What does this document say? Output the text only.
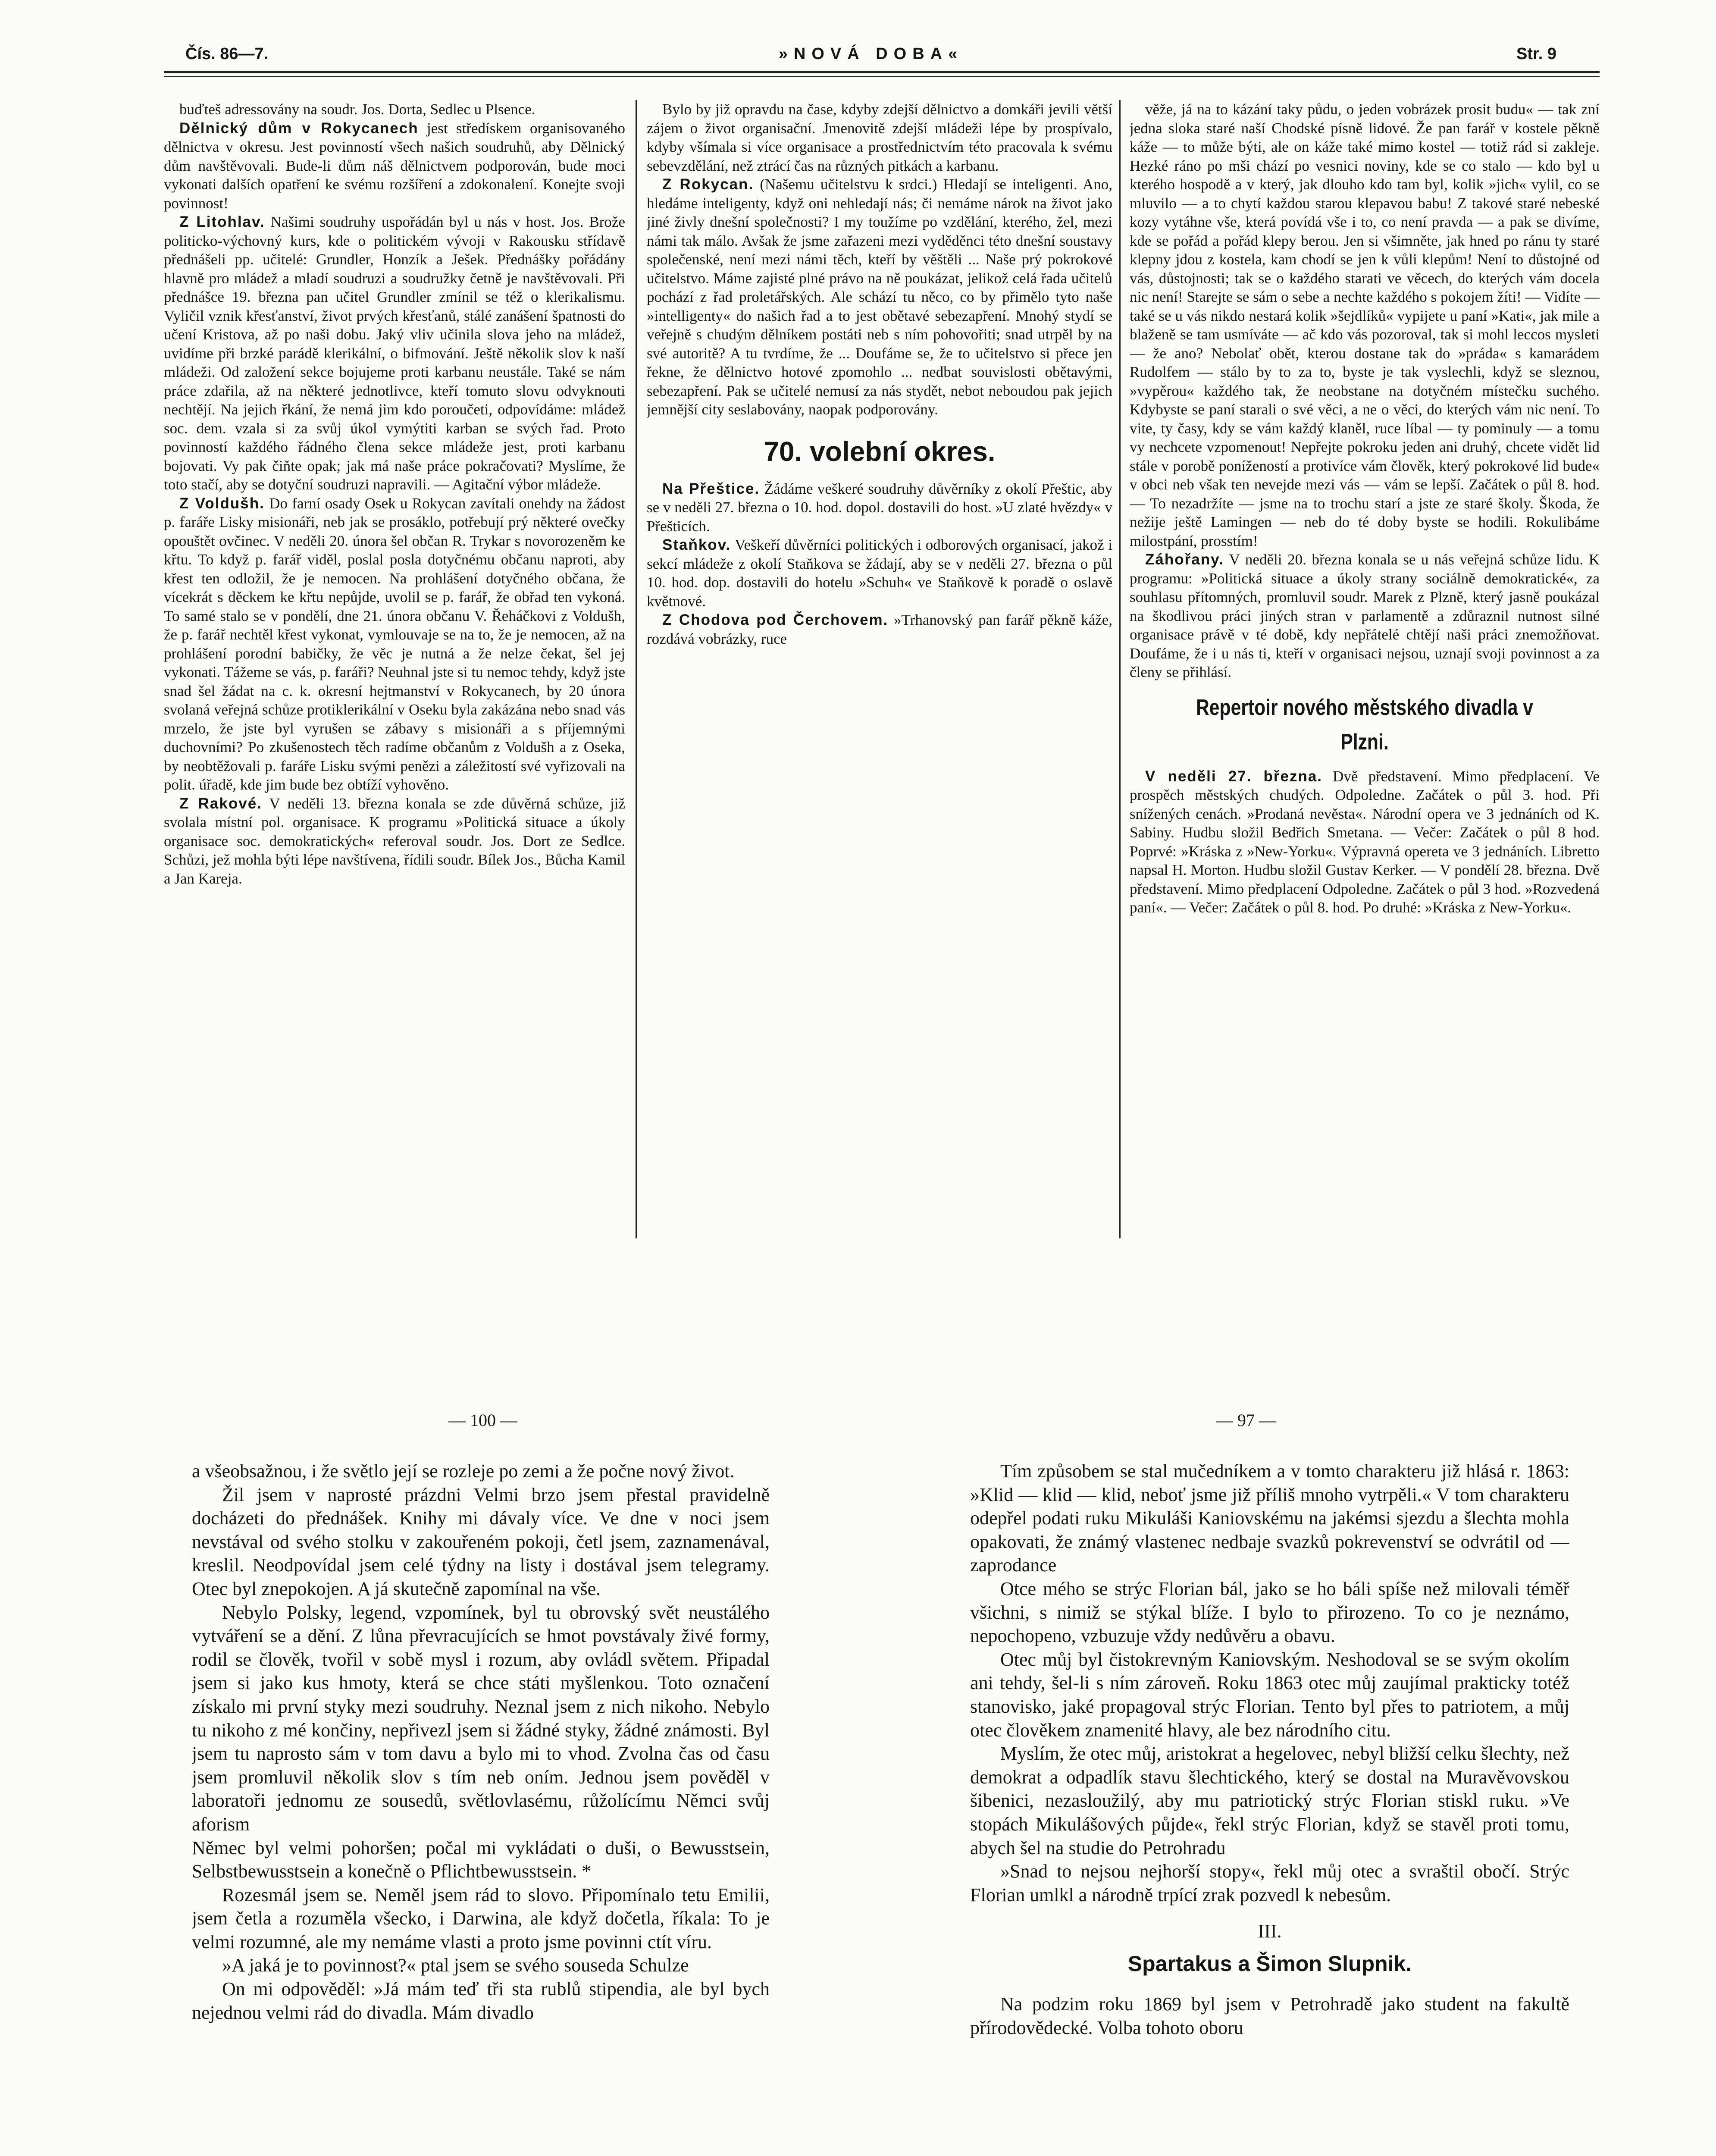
Čís. 86—7.	»NOVÁ DOBA«	Str. 9

buďteš adressovány na soudr. Jos. Dorta, Sedlec u Plsence.

Dělnický dům v Rokycanech jest středískem organisovaného dělnictva v okresu. Jest povinností všech našich soudruhů, aby Dělnický dům navštěvovali. Bude-li dům náš dělnictvem podporován, bude moci vykonati dalších opatření ke svému rozšíření a zdokonalení. Konejte svoji povinnost!

Z Litohlav. Našimi soudruhy uspořádán byl u nás v host. Jos. Brože politicko-výchovný kurs, kde o politickém vývoji v Rakousku střídavě přednášeli pp. učitelé: Grundler, Honzík a Ješek. Přednášky pořádány hlavně pro mládež a mladí soudruzi a soudružky četně je navštěvovali. Při přednášce 19. března pan učitel Grundler zmínil se též o klerikalismu. Vyličil vznik křesťanství, život prvých křesťanů, stálé zanášení špatnosti do učení Kristova, až po naši dobu. Jaký vliv učinila slova jeho na mládež, uvidíme při brzké parádě klerikální, o bifmování. Ještě několik slov k naší mládeži. Od založení sekce bojujeme proti karbanu neustále. Také se nám práce zdařila, až na některé jednotlivce, kteří tomuto slovu odvyknouti nechtějí. Na jejich řkání, že nemá jim kdo poroučeti, odpovídáme: mládež soc. dem. vzala si za svůj úkol vymýtiti karban se svých řad. Proto povinností každého řádného člena sekce mládeže jest, proti karbanu bojovati. Vy pak čiňte opak; jak má naše práce pokračovati? Myslíme, že toto stačí, aby se dotyční soudruzi napravili. — Agitační výbor mládeže.

Z Voldušh. Do farní osady Osek u Rokycan zavítali onehdy na žádost p. faráře Lisky misionáři, neb jak se prosáklo, potřebují prý některé ovečky opouštět ovčinec. V neděli 20. února šel občan R. Trykar s novorozeněm ke křtu. To když p. farář viděl, poslal posla dotyčnému občanu naproti, aby křest ten odložil, že je nemocen. Na prohlášení dotyčného občana, že vícekrát s děckem ke křtu nepůjde, uvolil se p. farář, že obřad ten vykoná. To samé stalo se v pondělí, dne 21. února občanu V. Řeháčkovi z Voldušh, že p. farář nechtěl křest vykonat, vymlouvaje se na to, že je nemocen, až na prohlášení porodní babičky, že věc je nutná a že nelze čekat, šel jej vykonati. Tážeme se vás, p. faráři? Neuhnal jste si tu nemoc tehdy, když jste snad šel žádat na c. k. okresní hejtmanství v Rokycanech, by 20 února svolaná veřejná schůze protiklerikální v Oseku byla zakázána nebo snad vás mrzelo, že jste byl vyrušen se zábavy s misionáři a s příjemnými duchovními? Po zkušenostech těch radíme občanům z Voldušh a z Oseka, by neobtěžovali p. faráře Lisku svými penězi a záležitostí své vyřizovali na polit. úřadě, kde jim bude bez obtíží vyhověno.

Z Rakové. V neděli 13. března konala se zde důvěrná schůze, již svolala místní pol. organisace. K programu »Politická situace a úkoly organisace soc. demokratických« referoval soudr. Jos. Dort ze Sedlce. Schůzi, jež mohla býti lépe navštívena, řídili soudr. Bílek Jos., Bůcha Kamil a Jan Kareja.

Bylo by již opravdu na čase, kdyby zdejší dělnictvo a domkáři jevili větší zájem o život organisační. Jmenovitě zdejší mládeži lépe by prospívalo, kdyby všímala si více organisace a prostřednictvím této pracovala k svému sebevzdělání, než ztrácí čas na různých pitkách a karbanu.

Z Rokycan. (Našemu učitelstvu k srdci.) Hledají se inteligenti. Ano, hledáme inteligenty, když oni nehledají nás; či nemáme nárok na život jako jiné živly dnešní společnosti? I my toužíme po vzdělání, kterého, žel, mezi námi tak málo. Avšak že jsme zařazeni mezi vyděděnci této dnešní soustavy společenské, není mezi námi těch, kteří by věštěli ... Naše prý pokrokové učitelstvo. Máme zajisté plné právo na ně poukázat, jelikož celá řada učitelů pochází z řad proletářských. Ale schází tu něco, co by přimělo tyto naše »intelligenty« do našich řad a to jest obětavé sebezapření. Mnohý stydí se veřejně s chudým dělníkem postáti neb s ním pohovořiti; snad utrpěl by na své autoritě? A tu tvrdíme, že ... Doufáme se, že to učitelstvo si přece jen řekne, že dělnictvo hotové zpomohlo ... nedbat souvislosti obětavými, sebezapření. Pak se učitelé nemusí za nás stydět, nebot neboudou pak jejich jemnější city seslabovány, naopak podporovány.

70. volební okres.

Na Přeštice. Žádáme veškeré soudruhy důvěrníky z okolí Přeštic, aby se v neděli 27. března o 10. hod. dopol. dostavili do host. »U zlaté hvězdy« v Přešticích.

Staňkov. Veškeří důvěrníci politických i odborových organisací, jakož i sekcí mládeže z okolí Staňkova se žádají, aby se v neděli 27. března o půl 10. hod. dop. dostavili do hotelu »Schuh« ve Staňkově k poradě o oslavě květnové.

Z Chodova pod Čerchovem. »Trhanovský pan farář pěkně káže, rozdává vobrázky, ruce

věže, já na to kázání taky půdu, o jeden vobrázek prosit budu« — tak zní jedna sloka staré naší Chodské písně lidové. Že pan farář v kostele pěkně káže — to může býti, ale on káže také mimo kostel — totiž rád si zakleje. Hezké ráno po mši chází po vesnici noviny, kde se co stalo — kdo byl u kterého hospodě a v který, jak dlouho kdo tam byl, kolik »jich« vylil, co se mluvilo — a to chytí každou starou klepavou babu! Z takové staré nebeské kozy vytáhne vše, která povídá vše i to, co není pravda — a pak se divíme, kde se pořád a pořád klepy berou. Jen si všimněte, jak hned po ránu ty staré klepny jdou z kostela, kam chodí se jen k vůli klepům! Není to důstojné od vás, důstojnosti; tak se o každého starati ve věcech, do kterých vám docela nic není! Starejte se sám o sebe a nechte každého s pokojem žíti! — Vidíte — také se u vás nikdo nestará kolik »šejdlíků« vypijete u paní »Kati«, jak mile a blaženě se tam usmíváte — ač kdo vás pozoroval, tak si mohl leccos mysleti — že ano? Nebolať obět, kterou dostane tak do »práda« s kamarádem Rudolfem — stálo by to za to, byste je tak vyslechli, když se sleznou, »vypěrou« každého tak, že neobstane na dotyčném místečku suchého. Kdybyste se paní starali o své věci, a ne o věci, do kterých vám nic není. To vite, ty časy, kdy se vám každý klaněl, ruce líbal — ty pominuly — a tomu vy nechcete vzpomenout! Nepřejte pokroku jeden ani druhý, chcete vidět lid stále v porobě ponížeností a protivíce vám člověk, který pokrokové lid bude« v obci neb však ten nevejde mezi vás — vám se lepší. Začátek o půl 8. hod. — To nezadržíte — jsme na to trochu starí a jste ze staré školy. Škoda, že nežije ještě Lamingen — neb do té doby byste se hodili. Rokulibáme milostpání, prosstím!

Záhořany. V neděli 20. března konala se u nás veřejná schůze lidu. K programu: »Politická situace a úkoly strany sociálně demokratické«, za souhlasu přítomných, promluvil soudr. Marek z Plzně, který jasně poukázal na škodlivou práci jiných stran v parlamentě a zdůraznil nutnost silné organisace právě v té době, kdy nepřátelé chtějí naši práci znemožňovat. Doufáme, že i u nás ti, kteří v organisaci nejsou, uznají svoji povinnost a za členy se přihlásí.

Repertoir nového městského divadla v Plzni.

V neděli 27. března. Dvě představení. Mimo předplacení. Ve prospěch městských chudých. Odpoledne. Začátek o půl 3. hod. Při snížených cenách. »Prodaná nevěsta«. Národní opera ve 3 jednáních od K. Sabiny. Hudbu složil Bedřich Smetana. — Večer: Začátek o půl 8 hod. Poprvé: »Kráska z »New-Yorku«. Výpravná opereta ve 3 jednáních. Libretto napsal H. Morton. Hudbu složil Gustav Kerker. — V pondělí 28. března. Dvě představení. Mimo předplacení Odpoledne. Začátek o půl 3 hod. »Rozvedená paní«. — Večer: Začátek o půl 8. hod. Po druhé: »Kráska z New-Yorku«.

— 100 —	— 97 —

a všeobsažnou, i že světlo její se rozleje po zemi a že počne nový život.

Žil jsem v naprosté prázdni Velmi brzo jsem přestal pravidelně docházeti do přednášek. Knihy mi dávaly více. Ve dne v noci jsem nevstával od svého stolku v zakouřeném pokoji, četl jsem, zaznamenával, kreslil. Neodpovídal jsem celé týdny na listy i dostával jsem telegramy. Otec byl znepokojen. A já skutečně zapomínal na vše.

Nebylo Polsky, legend, vzpomínek, byl tu obrovský svět neustálého vytváření se a dění. Z lůna převracujících se hmot povstávaly živé formy, rodil se člověk, tvořil v sobě mysl i rozum, aby ovládl světem. Připadal jsem si jako kus hmoty, která se chce státi myšlenkou. Toto označení získalo mi první styky mezi soudruhy. Neznal jsem z nich nikoho. Nebylo tu nikoho z mé končiny, nepřivezl jsem si žádné styky, žádné známosti. Byl jsem tu naprosto sám v tom davu a bylo mi to vhod. Zvolna čas od času jsem promluvil několik slov s tím neb oním. Jednou jsem pověděl v laboratoři jednomu ze sousedů, světlovlasému, růžolícímu Němci svůj aforism

Němec byl velmi pohoršen; počal mi vykládati o duši, o Bewusstsein, Selbstbewusstsein a konečně o Pflichtbewusstsein. *

Rozesmál jsem se. Neměl jsem rád to slovo. Připomínalo tetu Emilii, jsem četla a rozuměla všecko, i Darwina, ale když dočetla, říkala: To je velmi rozumné, ale my nemáme vlasti a proto jsme povinni ctít víru.

»A jaká je to povinnost?« ptal jsem se svého souseda Schulze

On mi odpověděl: »Já mám teď tři sta rublů stipendia, ale byl bych nejednou velmi rád do divadla. Mám divadlo

Tím způsobem se stal mučedníkem a v tomto charakteru již hlásá r. 1863: »Klid — klid — klid, neboť jsme již příliš mnoho vytrpěli.« V tom charakteru odepřel podati ruku Mikuláši Kaniovskému na jakémsi sjezdu a šlechta mohla opakovati, že známý vlastenec nedbaje svazků pokrevenství se odvrátil od — zaprodance

Otce mého se strýc Florian bál, jako se ho báli spíše než milovali téměř všichni, s nimiž se stýkal blíže. I bylo to přirozeno. To co je neznámo, nepochopeno, vzbuzuje vždy nedůvěru a obavu.

Otec můj byl čistokrevným Kaniovským. Neshodoval se se svým okolím ani tehdy, šel-li s ním zároveň. Roku 1863 otec můj zaujímal prakticky totéž stanovisko, jaké propagoval strýc Florian. Tento byl přes to patriotem, a můj otec člověkem znamenité hlavy, ale bez národního citu.

Myslím, že otec můj, aristokrat a hegelovec, nebyl bližší celku šlechty, než demokrat a odpadlík stavu šlechtického, který se dostal na Muravěvovskou šibenici, nezasloužilý, aby mu patriotický strýc Florian stiskl ruku. »Ve stopách Mikulášových půjde«, řekl strýc Florian, když se stavěl proti tomu, abych šel na studie do Petrohradu

»Snad to nejsou nejhorší stopy«, řekl můj otec a svraštil obočí. Strýc Florian umlkl a národně trpící zrak pozvedl k nebesům.

III.

Spartakus a Šimon Slupnik.

Na podzim roku 1869 byl jsem v Petrohradě jako student na fakultě přírodovědecké. Volba tohoto oboru
